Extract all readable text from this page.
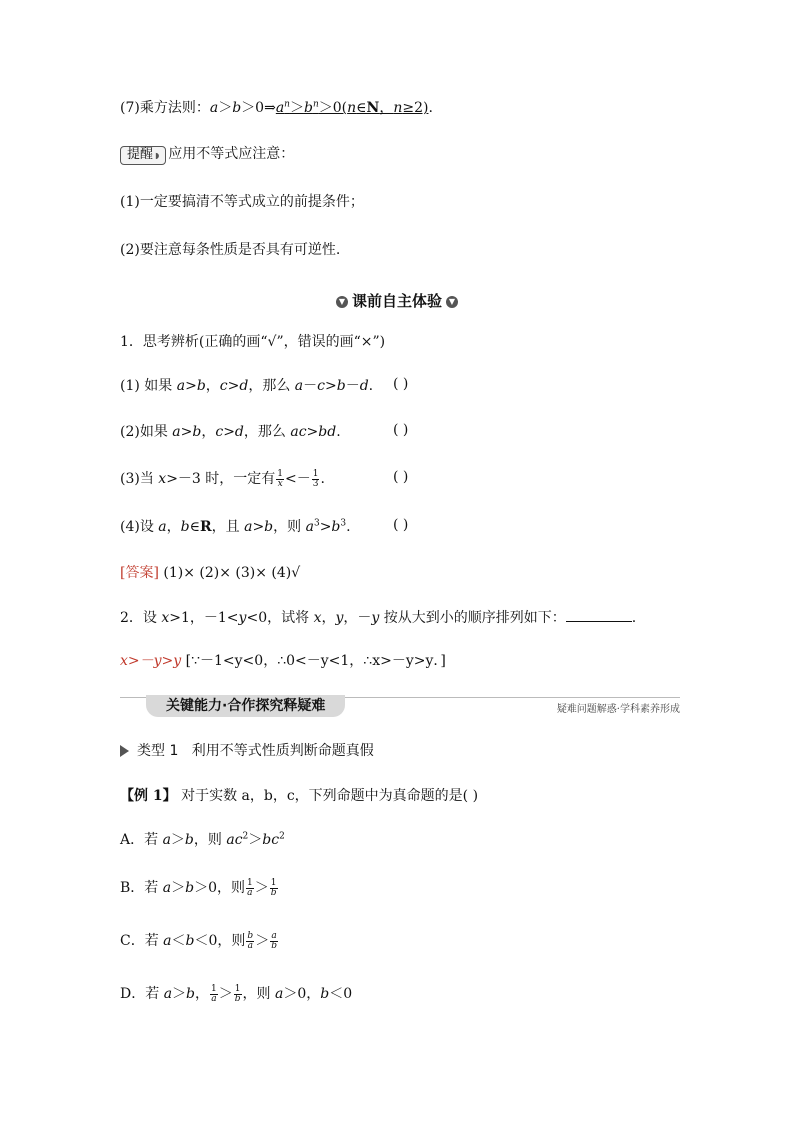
(7)乘方法则：$a>b>0\Rightarrow a^n>b^n>0(n\in N$，n≥2).
提醒 ◗ 应用不等式应注意：
(1)一定要搞清不等式成立的前提条件；
(2)要注意每条性质是否具有可逆性.
▼ 课前自主体验 ▼
1．思考辨析(正确的画“√”，错误的画“×”)
(1) 如果 a>b，c>d，那么 a－c>b－d. ( )
(2)如果 a>b，c>d，那么 ac>bd.	( )
(3)当 x>－3 时，一定有 $\frac{1}{x} <- \frac{1}{3}$ .	( )
(4)设 a，b∈R，且 a>b，则 $a^3>b^3$.	( )
[答案] (1)× (2)× (3)× (4)√
2．设 x>1，－1<y<0，试将 x，y，－y 按从大到小的顺序排列如下：	.
x>－y>y [∵－1<y<0，∴0<－y<1，∴x>－y>y．]
关键能力·合作探究释疑难	疑难问题解惑·学科素养形成
类型 1 利用不等式性质判断命题真假
【例 1】 对于实数 a，b，c，下列命题中为真命题的是( )
A．若 a＞b，则 $ac^2>bc^2$
B．若 a＞b＞0，则 $\frac{1}{a} > \frac{1}{b}$
C．若 a＜b＜0，则 $\frac{b}{a} > \frac{a}{b}$
D．若 a＞b， $\frac{1}{a} > \frac{1}{b}$ ，则 a＞0，b＜0
